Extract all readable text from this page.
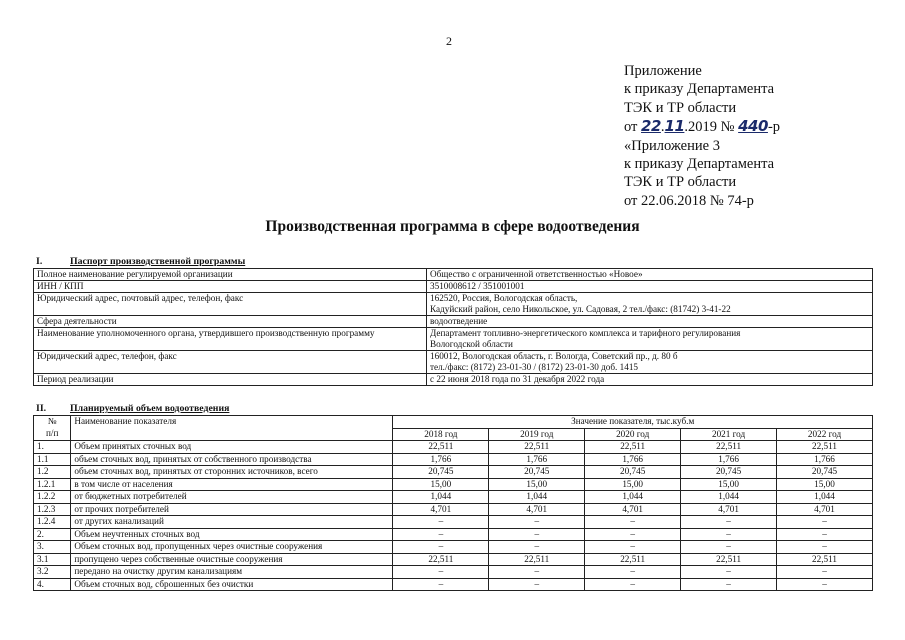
2
Приложение
к приказу Департамента
ТЭК и ТР области
от 22.11.2019 № 440-р
«Приложение 3
к приказу Департамента
ТЭК и ТР области
от 22.06.2018 № 74-р
Производственная программа в сфере водоотведения
I.	Паспорт производственной программы
Полное наименование регулируемой организации	Общество с ограниченной ответственностью «Новое»

ИНН / КПП	3510008612 / 351001001

Юридический адрес, почтовый адрес, телефон, факс	162520, Россия, Вологодская область,
Кадуйский район, село Никольское, ул. Садовая, 2 тел./факс: (81742) 3-41-22

Сфера деятельности	водоотведение

Наименование уполномоченного органа, утвердившего производственную программу	Департамент топливно-энергетического комплекса и тарифного регулирования
Вологодской области

Юридический адрес, телефон, факс	160012, Вологодская область, г. Вологда, Советский пр., д. 80 б
тел./факс: (8172) 23-01-30 / (8172) 23-01-30 доб. 1415

Период реализации	с 22 июня 2018 года по 31 декабря 2022 года
II. Планируемый объем водоотведения
№
п/п	Наименование показателя	Значение показателя, тыс.куб.м				
		2018 год	2019 год	2020 год	2021 год	2022 год
1.	Объем принятых сточных вод	22,511	22,511	22,511	22,511	22,511
1.1	объем сточных вод, принятых от собственного производства	1,766	1,766	1,766	1,766	1,766
1.2	объем сточных вод, принятых от сторонних источников, всего	20,745	20,745	20,745	20,745	20,745
1.2.1	в том числе от населения	15,00	15,00	15,00	15,00	15,00
1.2.2	от бюджетных потребителей	1,044	1,044	1,044	1,044	1,044
1.2.3	от прочих потребителей	4,701	4,701	4,701	4,701	4,701
1.2.4	от других канализаций	–	–	–	–	–
2.	Объем неучтенных сточных вод	–	–	–	–	–
3.	Объем сточных вод, пропущенных через очистные сооружения	–	–	–	–	–
3.1	пропущено через собственные очистные сооружения	22,511	22,511	22,511	22,511	22,511
3.2	передано на очистку другим канализациям	–	–	–	–	–
4.	Объем сточных вод, сброшенных без очистки	–	–	–	–	–
